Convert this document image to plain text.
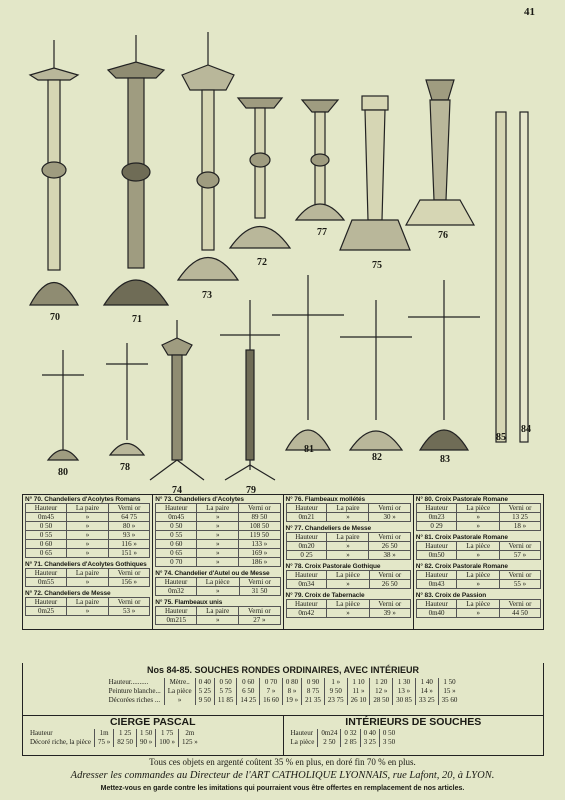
41
70	71
73
72
77
75
76
85
84
80	78
74	79
81
82	83
N° 70. Chandeliers d'Acolytes Romans
Hauteur	La paire	Verni or
0m45	»	64 75
0 50	»	80 »
0 55	»	93 »
0 60	»	116 »
0 65	»	151 »
N° 71. Chandeliers d'Acolytes Gothiques
Hauteur	La paire	Verni or
0m55	»	156 »
N° 72. Chandeliers de Messe
Hauteur	La paire	Verni or
0m25	»	53 »
N° 73. Chandeliers d'Acolytes
Hauteur	La paire	Verni or
0m45	»	89 50
0 50	»	108 50
0 55	»	119 50
0 60	»	133 »
0 65	»	169 »
0 70	»	186 »
N° 74. Chandelier d'Autel ou de Messe
Hauteur	La pièce	Verni or
0m32	»	31 50
N° 75. Flambeaux unis
Hauteur	La paire	Verni or
0m215	»	27 »
N° 76. Flambeaux mollétés
Hauteur	La paire	Verni or
0m21	»	30 »
N° 77. Chandeliers de Messe
Hauteur	La paire	Verni or
0m20	»	26 50
0 25	»	38 »
N° 78. Croix Pastorale Gothique
Hauteur	La pièce	Verni or
0m34	»	26 50
N° 79. Croix de Tabernacle
Hauteur	La pièce	Verni or
0m42	»	39 »
N° 80. Croix Pastorale Romane
Hauteur	La pièce	Verni or
0m23	»	13 25
0 29	»	18 »
N° 81. Croix Pastorale Romane
Hauteur	La pièce	Verni or
0m50	»	57 »
N° 82. Croix Pastorale Romane
Hauteur	La pièce	Verni or
0m43	»	55 »
N° 83. Croix de Passion
Hauteur	La pièce	Verni or
0m40	»	44 50
Nos 84-85. SOUCHES RONDES ORDINAIRES, AVEC INTÉRIEUR
Hauteur..........	Mètre..	0 40	0 50	0 60	0 70	0 80	0 90	1 »	1 10	1 20	1 30	1 40	1 50
Peinture blanche...	La pièce	5 25	5 75	6 50	7 »	8 »	8 75	9 50	11 »	12 »	13 »	14 »	15 »
Décorées riches ...	»	9 50	11 85	14 25	16 60	19 »	21 35	23 75	26 10	28 50	30 85	33 25	35 60
CIERGE PASCAL
Hauteur	1m	1 25	1 50	1 75	2m
Décoré riche, la pièce	75 »	82 50	90 »	100 »	125 »
INTÉRIEURS DE SOUCHES
Hauteur	0m24	0 32	0 40	0 50
La pièce	2 50	2 85	3 25	3 50
Tous ces objets en argenté coûtent 35 % en plus, en doré fin 70 % en plus.
Adresser les commandes au Directeur de l'ART CATHOLIQUE LYONNAIS, rue Lafont, 20, à LYON.
Mettez-vous en garde contre les imitations qui pourraient vous être offertes en remplacement de nos articles.
